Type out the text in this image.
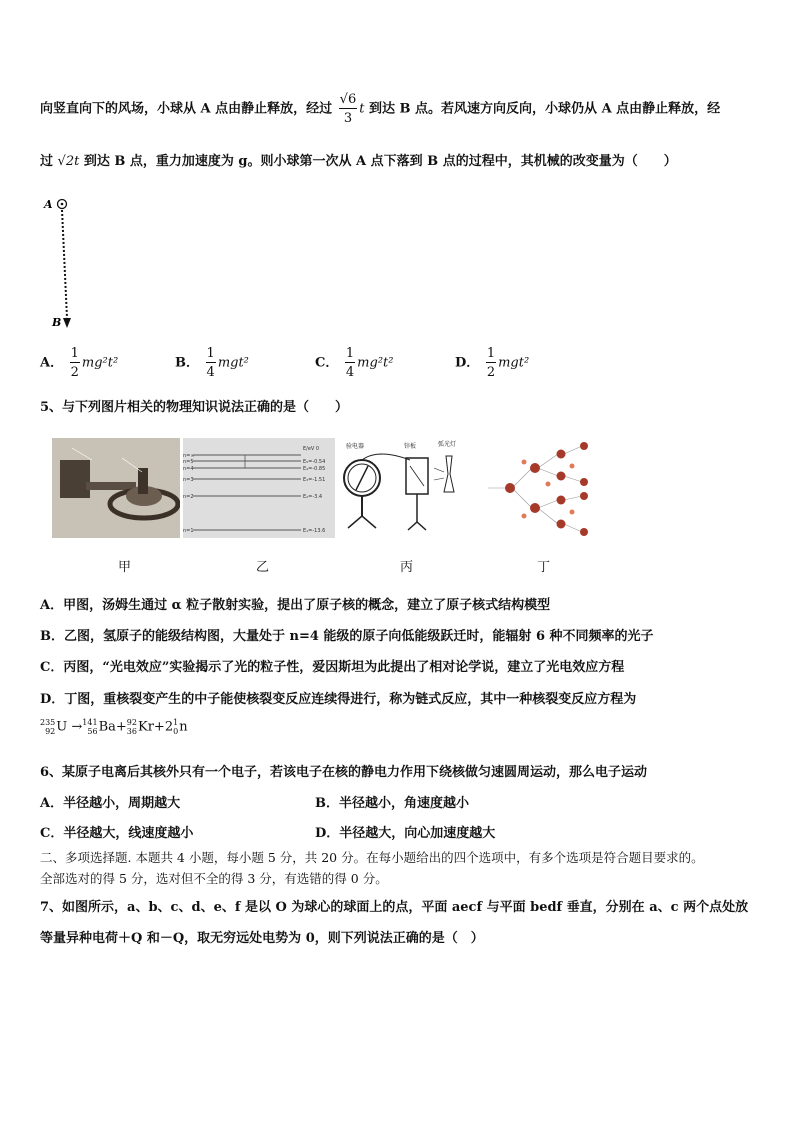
向竖直向下的风场，小球从 A 点由静止释放，经过 $\frac{√6}{3}$ t 到达 B 点。若风速方向反向，小球仍从 A 点由静止释放，经
过 √2t 到达 B 点，重力加速度为 g。则小球第一次从 A 点下落到 B 点的过程中，其机械的改变量为（　　）
A
B
A． $\frac{1}{2} mg^2t^2$	B． $\frac{1}{4} mgt^2$	C． $\frac{1}{4} mg^2t^2$	D． $\frac{1}{2} mgt^2$
5、与下列图片相关的物理知识说法正确的是（　　）
n=∞
n=5
n=4
n=3
n=2
n=1
E/eV 0
E₅=-0.54
E₄=-0.85
E₃=-1.51
E₂=-3.4
E₁=-13.6
验电器	锌板	弧光灯
甲	乙	丙	丁
A．甲图，汤姆生通过 α 粒子散射实验，提出了原子核的概念，建立了原子核式结构模型
B．乙图，氢原子的能级结构图，大量处于 n=4 能级的原子向低能级跃迁时，能辐射 6 种不同频率的光子
C．丙图，“光电效应”实验揭示了光的粒子性，爱因斯坦为此提出了相对论学说，建立了光电效应方程
D．丁图，重核裂变产生的中子能使核裂变反应连续得进行，称为链式反应，其中一种核裂变反应方程为
235
92 U → 141
56 Ba+ 92
36 Kr+2 1
0 n
6、某原子电离后其核外只有一个电子，若该电子在核的静电力作用下绕核做匀速圆周运动，那么电子运动
A．半径越小，周期越大	B．半径越小，角速度越小
C．半径越大，线速度越小	D．半径越大，向心加速度越大
二、多项选择题. 本题共 4 小题，每小题 5 分，共 20 分。在每小题给出的四个选项中，有多个选项是符合题目要求的。
全部选对的得 5 分，选对但不全的得 3 分，有选错的得 0 分。
7、如图所示，a、b、c、d、e、f 是以 O 为球心的球面上的点，平面 aecf 与平面 bedf 垂直，分别在 a、c 两个点处放
等量异种电荷＋Q 和－Q，取无穷远处电势为 0，则下列说法正确的是（　）
